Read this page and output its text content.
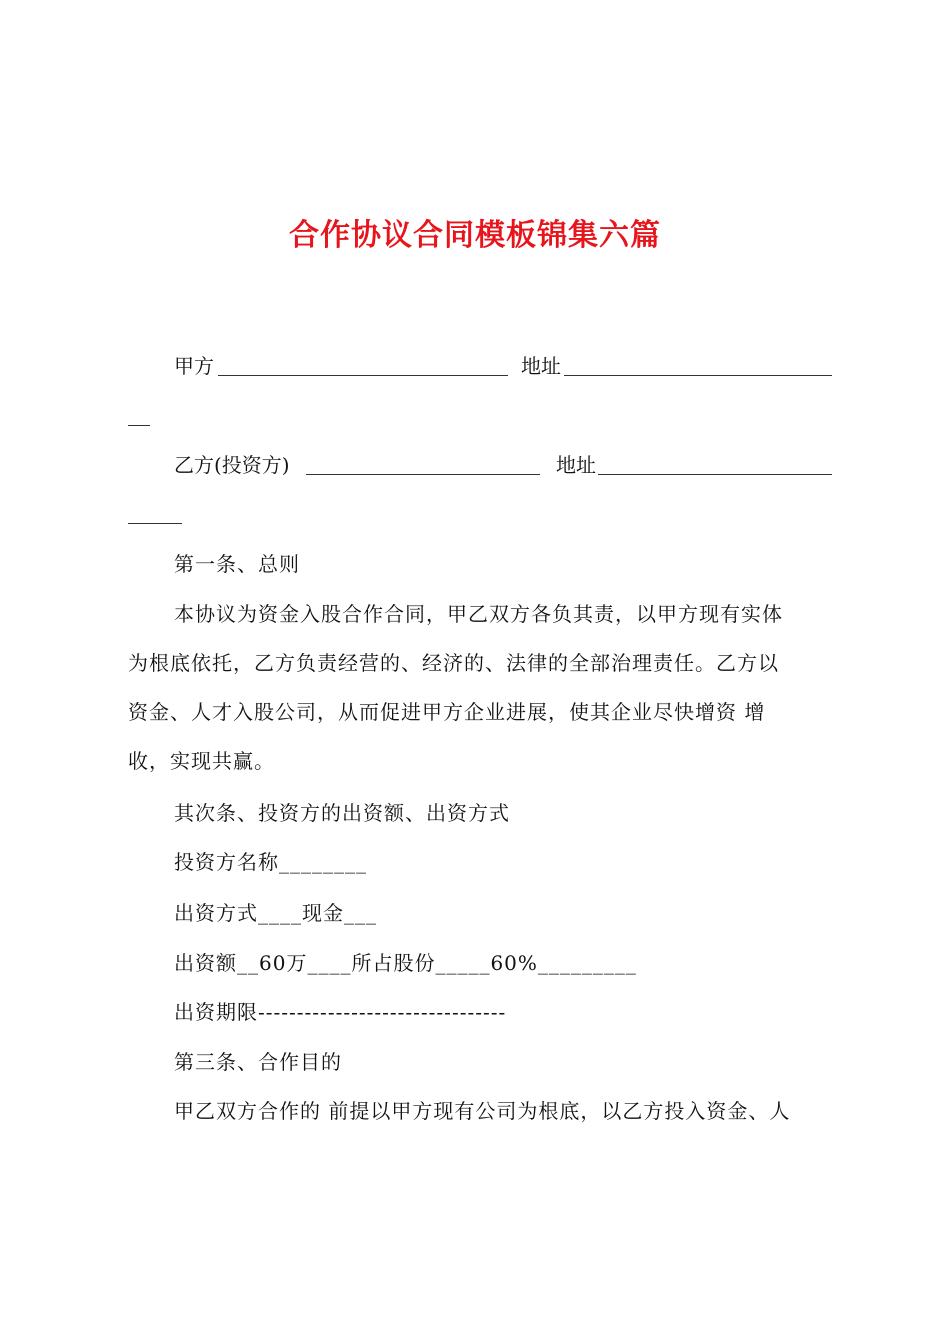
合作协议合同模板锦集六篇
甲方	地址
乙方(投资方)	地址
第一条、总则
本协议为资金入股合作合同，甲乙双方各负其责，以甲方现有实体
为根底依托，乙方负责经营的、经济的、法律的全部治理责任。乙方以
资金、人才入股公司，从而促进甲方企业进展，使其企业尽快增资 增
收，实现共赢。
其次条、投资方的出资额、出资方式
投资方名称________
出资方式____现金___
出资额__60万____所占股份_____60%_________
出资期限--------------------------------
第三条、合作目的
甲乙双方合作的 前提以甲方现有公司为根底，以乙方投入资金、人
